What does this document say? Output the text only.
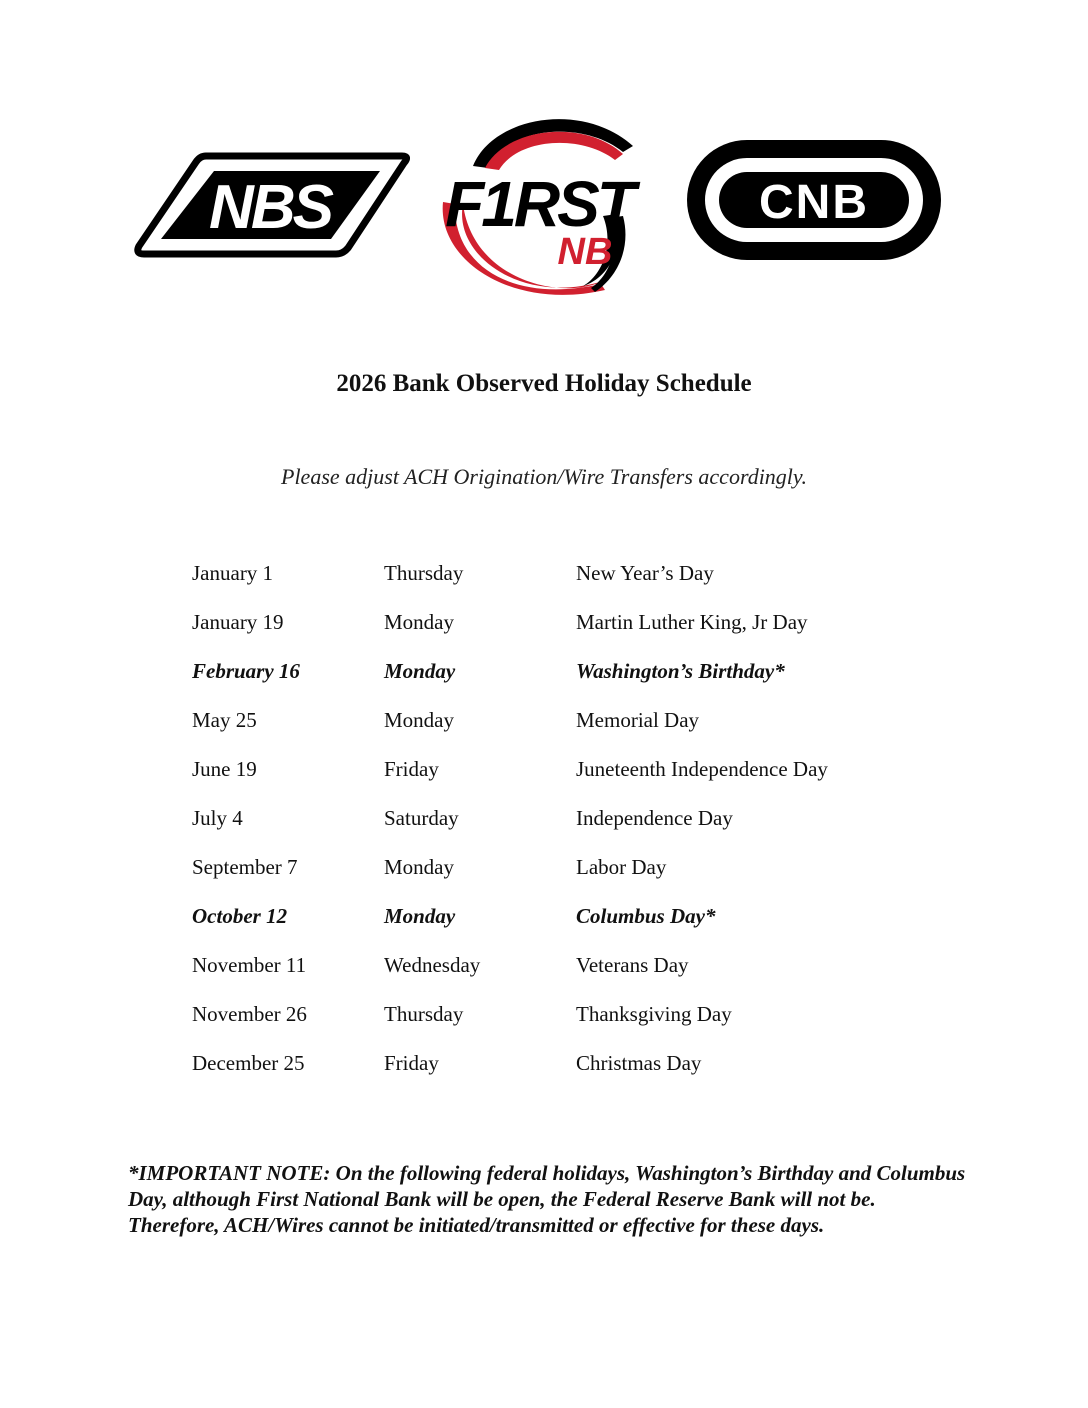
NBS F1RST
NB
CNB
2026 Bank Observed Holiday Schedule
Please adjust ACH Origination/Wire Transfers accordingly.
January 1	Thursday	New Year’s Day
January 19	Monday	Martin Luther King, Jr Day
February 16	Monday	Washington’s Birthday*
May 25	Monday	Memorial Day
June 19	Friday	Juneteenth Independence Day
July 4	Saturday	Independence Day
September 7	Monday	Labor Day
October 12	Monday	Columbus Day*
November 11	Wednesday	Veterans Day
November 26	Thursday	Thanksgiving Day
December 25	Friday	Christmas Day
*IMPORTANT NOTE: On the following federal holidays, Washington’s Birthday and Columbus Day, although First National Bank will be open, the Federal Reserve Bank will not be. Therefore, ACH/Wires cannot be initiated/transmitted or effective for these days.
